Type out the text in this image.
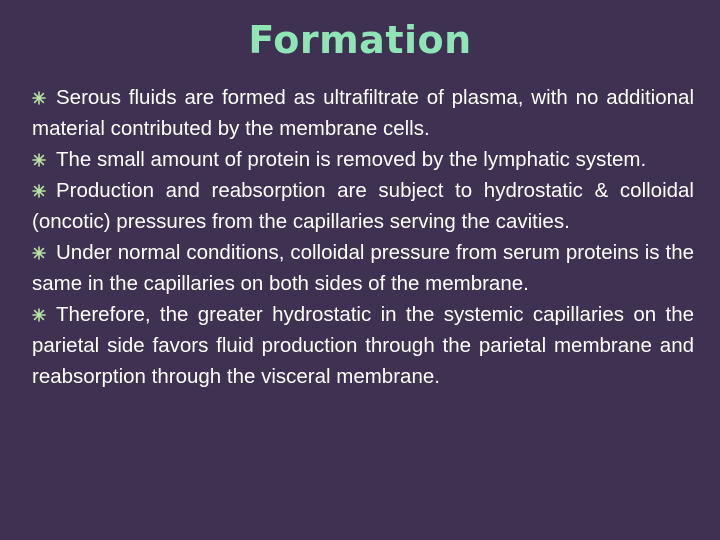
Formation

Serous fluids are formed as ultrafiltrate of plasma, with no additional material contributed by the membrane cells.

The small amount of protein is removed by the lymphatic system.

Production and reabsorption are subject to hydrostatic & colloidal (oncotic) pressures from the capillaries serving the cavities.

Under normal conditions, colloidal pressure from serum proteins is the same in the capillaries on both sides of the membrane.

Therefore, the greater hydrostatic in the systemic capillaries on the parietal side favors fluid production through the parietal membrane and reabsorption through the visceral membrane.
